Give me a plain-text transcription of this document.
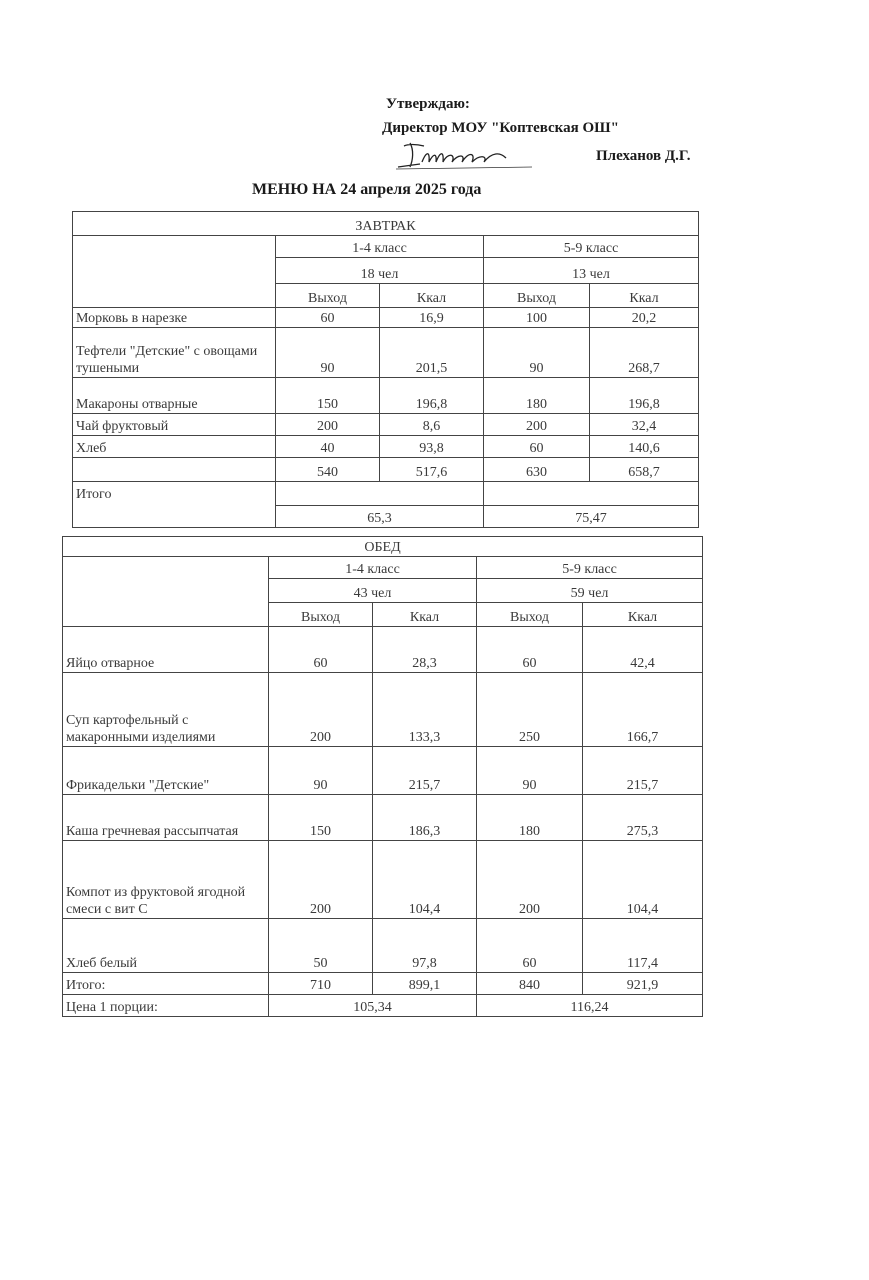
Утверждаю:
Директор МОУ "Коптевская ОШ"
Плеханов Д.Г.
МЕНЮ НА 24 апреля 2025 года
ЗАВТРАК				
	1-4 класс		5-9 класс	
	18 чел		13 чел	
	Выход	Ккал	Выход	Ккал
Морковь в нарезке	60	16,9	100	20,2
Тефтели "Детские" с овощами тушеными	90	201,5	90	268,7
Макароны отварные	150	196,8	180	196,8
Чай фруктовый	200	8,6	200	32,4
Хлеб	40	93,8	60	140,6
	540	517,6	630	658,7
Итого				
	65,3		75,47	
ОБЕД				
	1-4 класс		5-9 класс	
	43 чел		59 чел	
	Выход	Ккал	Выход	Ккал
Яйцо отварное	60	28,3	60	42,4
Суп картофельный с макаронными изделиями	200	133,3	250	166,7
Фрикадельки "Детские"	90	215,7	90	215,7
Каша гречневая рассыпчатая	150	186,3	180	275,3
Компот из фруктовой ягодной смеси с вит С	200	104,4	200	104,4
Хлеб белый	50	97,8	60	117,4
Итого:	710	899,1	840	921,9
Цена 1 порции:	105,34		116,24	
